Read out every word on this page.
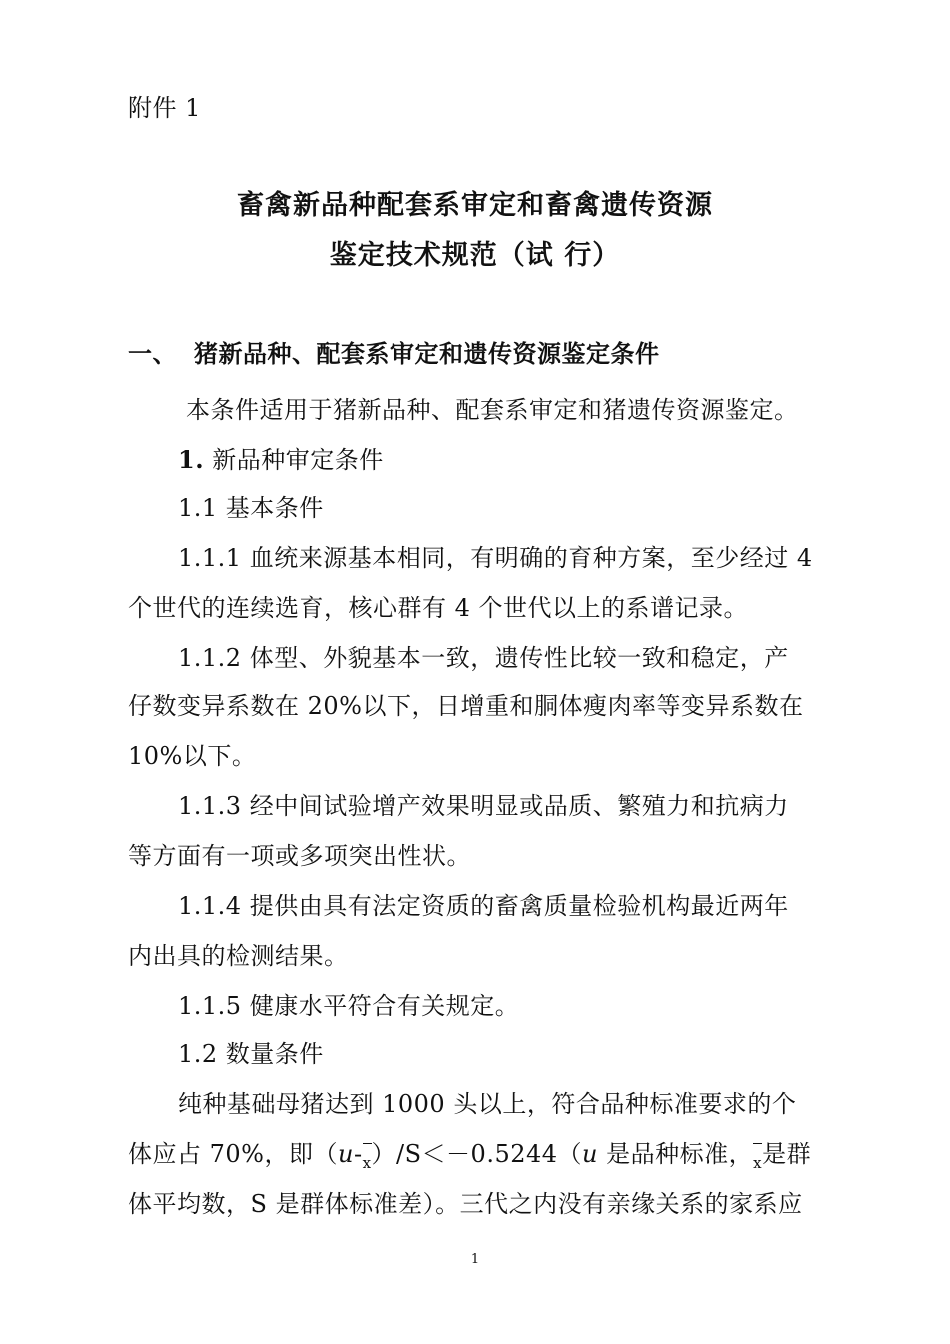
附件 1
畜禽新品种配套系审定和畜禽遗传资源
鉴定技术规范（试 行）
一、 猪新品种、配套系审定和遗传资源鉴定条件
本条件适用于猪新品种、配套系审定和猪遗传资源鉴定。
1. 新品种审定条件
1.1 基本条件
1.1.1 血统来源基本相同，有明确的育种方案，至少经过 4
个世代的连续选育，核心群有 4 个世代以上的系谱记录。
1.1.2 体型、外貌基本一致，遗传性比较一致和稳定，产
仔数变异系数在 20%以下，日增重和胴体瘦肉率等变异系数在
10%以下。
1.1.3 经中间试验增产效果明显或品质、繁殖力和抗病力
等方面有一项或多项突出性状。
1.1.4 提供由具有法定资质的畜禽质量检验机构最近两年
内出具的检测结果。
1.1.5 健康水平符合有关规定。
1.2 数量条件
纯种基础母猪达到 1000 头以上，符合品种标准要求的个
体应占 70%，即（u-x）/S＜－0.5244（u 是品种标准，x是群
体平均数，S 是群体标准差）。三代之内没有亲缘关系的家系应
1
